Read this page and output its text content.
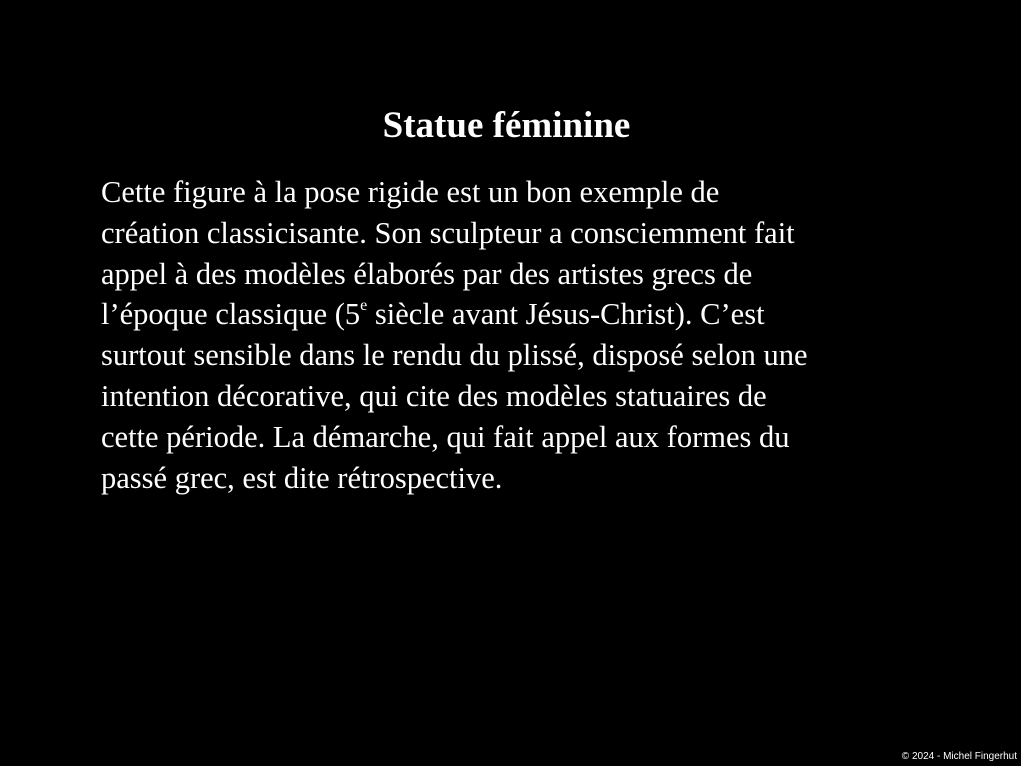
Statue féminine

Cette figure à la pose rigide est un bon exemple de
création classicisante. Son sculpteur a consciemment fait
appel à des modèles élaborés par des artistes grecs de
l’époque classique (5e siècle avant Jésus-Christ). C’est
surtout sensible dans le rendu du plissé, disposé selon une
intention décorative, qui cite des modèles statuaires de
cette période. La démarche, qui fait appel aux formes du
passé grec, est dite rétrospective.

© 2024 - Michel Fingerhut
